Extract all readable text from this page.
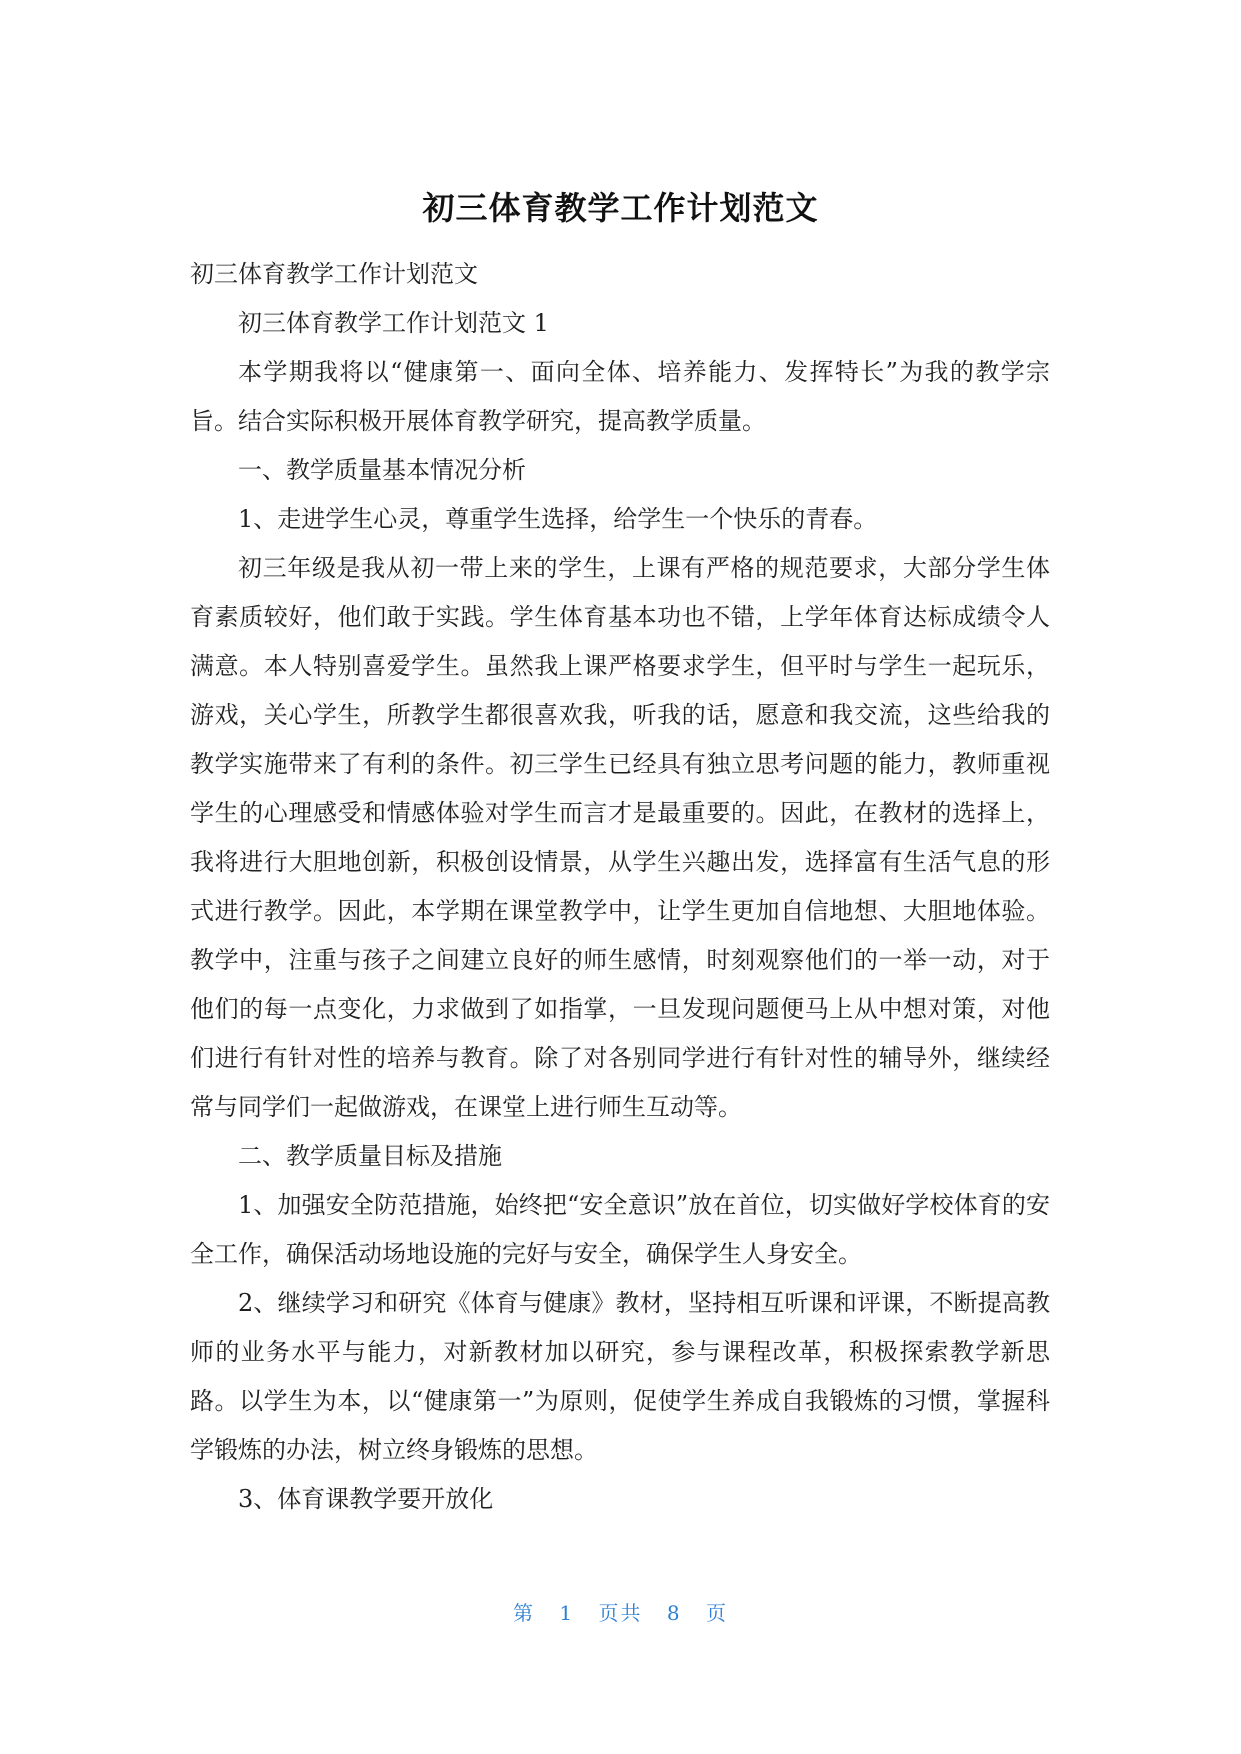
初三体育教学工作计划范文

初三体育教学工作计划范文

初三体育教学工作计划范文 1

本学期我将以“健康第一、面向全体、培养能力、发挥特长”为我的教学宗旨。结合实际积极开展体育教学研究，提高教学质量。

一、教学质量基本情况分析

1、走进学生心灵，尊重学生选择，给学生一个快乐的青春。

初三年级是我从初一带上来的学生，上课有严格的规范要求，大部分学生体育素质较好，他们敢于实践。学生体育基本功也不错，上学年体育达标成绩令人满意。本人特别喜爱学生。虽然我上课严格要求学生，但平时与学生一起玩乐，游戏，关心学生，所教学生都很喜欢我，听我的话，愿意和我交流，这些给我的教学实施带来了有利的条件。初三学生已经具有独立思考问题的能力，教师重视学生的心理感受和情感体验对学生而言才是最重要的。因此，在教材的选择上，我将进行大胆地创新，积极创设情景，从学生兴趣出发，选择富有生活气息的形式进行教学。因此，本学期在课堂教学中，让学生更加自信地想、大胆地体验。教学中，注重与孩子之间建立良好的师生感情，时刻观察他们的一举一动，对于他们的每一点变化，力求做到了如指掌，一旦发现问题便马上从中想对策，对他们进行有针对性的培养与教育。除了对各别同学进行有针对性的辅导外，继续经常与同学们一起做游戏，在课堂上进行师生互动等。

二、教学质量目标及措施

1、加强安全防范措施，始终把“安全意识”放在首位，切实做好学校体育的安全工作，确保活动场地设施的完好与安全，确保学生人身安全。

2、继续学习和研究《体育与健康》教材，坚持相互听课和评课，不断提高教师的业务水平与能力，对新教材加以研究，参与课程改革，积极探索教学新思路。以学生为本，以“健康第一”为原则，促使学生养成自我锻炼的习惯，掌握科学锻炼的办法，树立终身锻炼的思想。

3、体育课教学要开放化

第 1 页共 8 页
